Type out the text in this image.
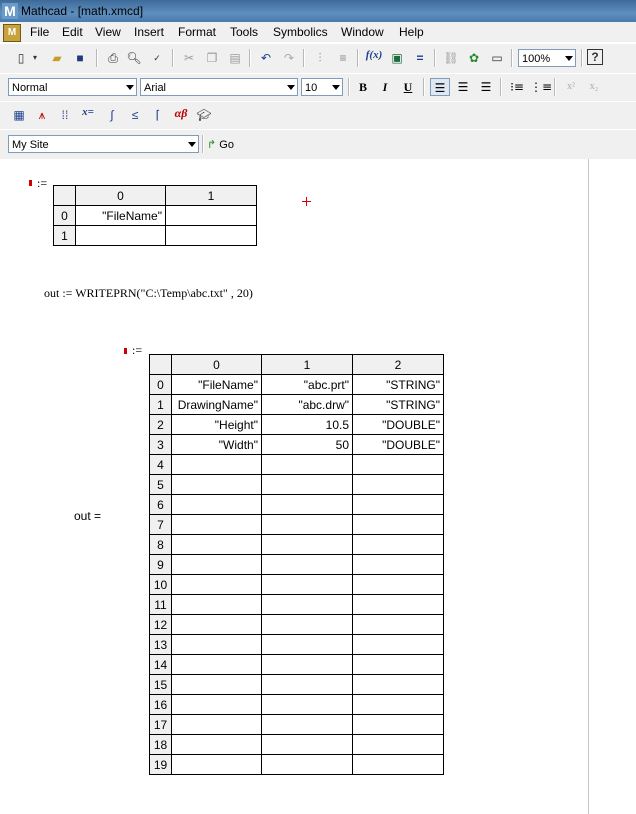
M Mathcad - [math.xmcd]
M	File Edit View Insert Format Tools Symbolics Window Help
▯	▾	▰	■	⎙ 🔍︎	✓	✂	❐ ▤	↶	↷	⫶	≡	f(x) ▣	=	⛓ ✿	▭	100%	?
Normal	Arial	10	B	I	U	☰	☰	☰	⁝≡ ⋮≡	x²	x₂
▦	⩚	⁞⁞	x=	∫	≤	⌈	αβ 🎓︎
My Site	↱ Go
:=
	0	1
0	"FileName"	
1		
out := WRITEPRN("C:\Temp\abc.txt" , 20)
:=
out =
	0	1	2
0	"FileName"	"abc.prt"	"STRING"
1	DrawingName"	"abc.drw"	"STRING"
2	"Height"	10.5	"DOUBLE"
3	"Width"	50	"DOUBLE"
4			
5			
6			
7			
8			
9			
10			
11			
12			
13			
14			
15			
16			
17			
18			
19			
